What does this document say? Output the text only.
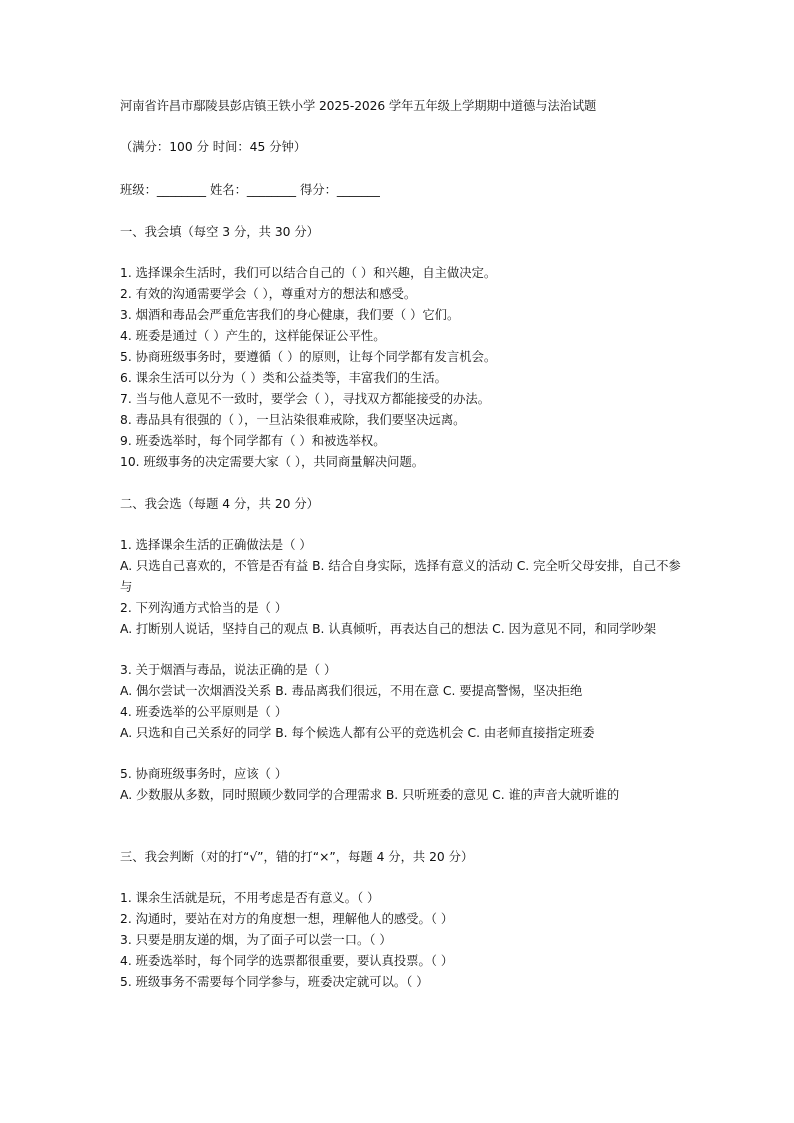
河南省许昌市鄢陵县彭店镇王铁小学 2025-2026 学年五年级上学期期中道德与法治试题
（满分：100 分 时间：45 分钟）
班级：________ 姓名：________ 得分：_______
一、我会填（每空 3 分，共 30 分）
1. 选择课余生活时，我们可以结合自己的（ ）和兴趣，自主做决定。
2. 有效的沟通需要学会（ ），尊重对方的想法和感受。
3. 烟酒和毒品会严重危害我们的身心健康，我们要（ ）它们。
4. 班委是通过（ ）产生的，这样能保证公平性。
5. 协商班级事务时，要遵循（ ）的原则，让每个同学都有发言机会。
6. 课余生活可以分为（ ）类和公益类等，丰富我们的生活。
7. 当与他人意见不一致时，要学会（ ），寻找双方都能接受的办法。
8. 毒品具有很强的（ ），一旦沾染很难戒除，我们要坚决远离。
9. 班委选举时，每个同学都有（ ）和被选举权。
10. 班级事务的决定需要大家（ ），共同商量解决问题。
二、我会选（每题 4 分，共 20 分）
1. 选择课余生活的正确做法是（ ）
A. 只选自己喜欢的，不管是否有益 B. 结合自身实际，选择有意义的活动 C. 完全听父母安排，自己不参与
2. 下列沟通方式恰当的是（ ）
A. 打断别人说话，坚持自己的观点 B. 认真倾听，再表达自己的想法 C. 因为意见不同，和同学吵架
3. 关于烟酒与毒品，说法正确的是（ ）
A. 偶尔尝试一次烟酒没关系 B. 毒品离我们很远，不用在意 C. 要提高警惕，坚决拒绝
4. 班委选举的公平原则是（ ）
A. 只选和自己关系好的同学 B. 每个候选人都有公平的竞选机会 C. 由老师直接指定班委
5. 协商班级事务时，应该（ ）
A. 少数服从多数，同时照顾少数同学的合理需求 B. 只听班委的意见 C. 谁的声音大就听谁的
三、我会判断（对的打“√”，错的打“×”，每题 4 分，共 20 分）
1. 课余生活就是玩，不用考虑是否有意义。（ ）
2. 沟通时，要站在对方的角度想一想，理解他人的感受。（ ）
3. 只要是朋友递的烟，为了面子可以尝一口。（ ）
4. 班委选举时，每个同学的选票都很重要，要认真投票。（ ）
5. 班级事务不需要每个同学参与，班委决定就可以。（ ）
